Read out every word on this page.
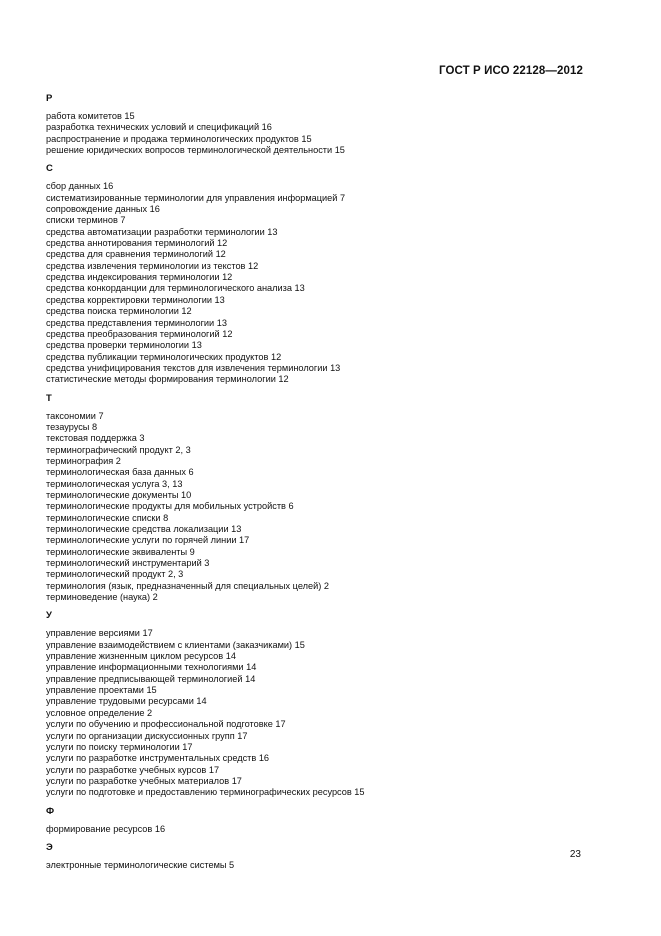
ГОСТ Р ИСО 22128—2012
Р
работа комитетов 15
разработка технических условий и спецификаций 16
распространение и продажа терминологических продуктов 15
решение юридических вопросов терминологической деятельности 15
С
сбор данных 16
систематизированные терминологии для управления информацией 7
сопровождение данных 16
списки терминов 7
средства автоматизации разработки терминологии 13
средства аннотирования терминологий 12
средства для сравнения терминологий 12
средства извлечения терминологии из текстов 12
средства индексирования терминологии 12
средства конкорданции для терминологического анализа 13
средства корректировки терминологии 13
средства поиска терминологии 12
средства представления терминологии 13
средства преобразования терминологий 12
средства проверки терминологии 13
средства публикации терминологических продуктов 12
средства унифицирования текстов для извлечения терминологии 13
статистические методы формирования терминологии 12
Т
таксономии 7
тезаурусы 8
текстовая поддержка 3
терминографический продукт 2, 3
терминография 2
терминологическая база данных 6
терминологическая услуга 3, 13
терминологические документы 10
терминологические продукты для мобильных устройств 6
терминологические списки 8
терминологические средства локализации 13
терминологические услуги по горячей линии 17
терминологические эквиваленты 9
терминологический инструментарий 3
терминологический продукт 2, 3
терминология (язык, предназначенный для специальных целей) 2
терминоведение (наука) 2
У
управление версиями 17
управление взаимодействием с клиентами (заказчиками) 15
управление жизненным циклом ресурсов 14
управление информационными технологиями 14
управление предписывающей терминологией 14
управление проектами 15
управление трудовыми ресурсами 14
условное определение 2
услуги по обучению и профессиональной подготовке 17
услуги по организации дискуссионных групп 17
услуги по поиску терминологии 17
услуги по разработке инструментальных средств 16
услуги по разработке учебных курсов 17
услуги по разработке учебных материалов 17
услуги по подготовке и предоставлению терминографических ресурсов 15
Ф
формирование ресурсов 16
Э
электронные терминологические системы 5
23
